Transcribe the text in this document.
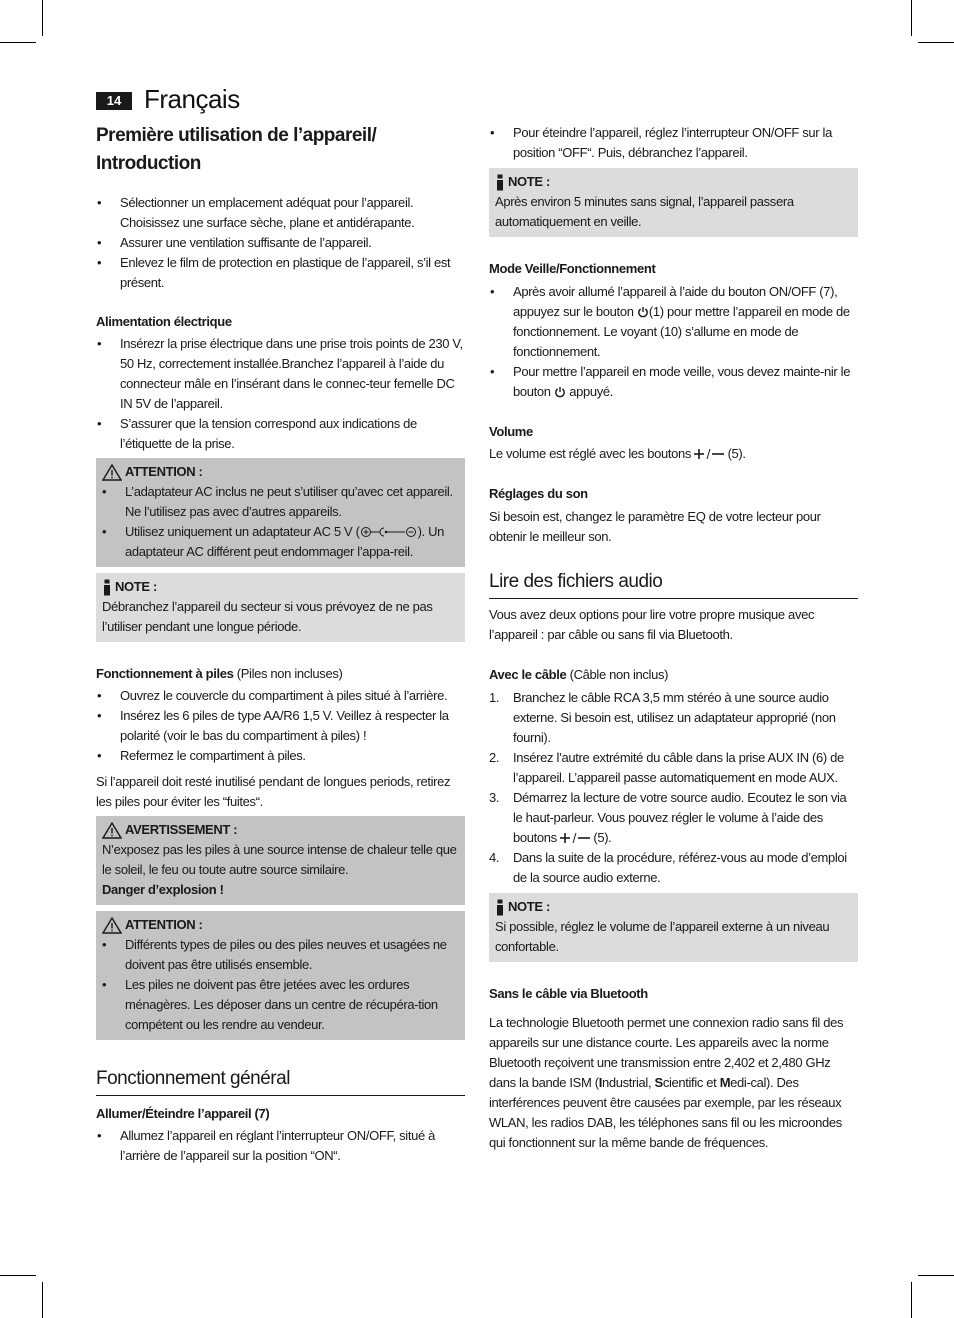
14 Français
Première utilisation de l’appareil/ Introduction
• Sélectionner un emplacement adéquat pour l’appareil. Choisissez une surface sèche, plane et antidérapante.
• Assurer une ventilation suffisante de l’appareil.
• Enlevez le film de protection en plastique de l’appareil, s’il est présent.
Alimentation électrique
• Insérezr la prise électrique dans une prise trois points de 230 V, 50 Hz, correctement installée.Branchez l’appareil à l’aide du connecteur mâle en l’insérant dans le connec-teur femelle DC IN 5V de l’appareil.
• S’assurer que la tension correspond aux indications de l’étiquette de la prise.
ATTENTION :
• L’adaptateur AC inclus ne peut s’utiliser qu’avec cet appareil. Ne l’utilisez pas avec d’autres appareils.
• Utilisez uniquement un adaptateur AC 5 V (	). Un adaptateur AC différent peut endommager l’appa-reil.
NOTE :

Débranchez l’appareil du secteur si vous prévoyez de ne pas l’utiliser pendant une longue période.

Fonctionnement à piles (Piles non incluses)
• Ouvrez le couvercle du compartiment à piles situé à l’arrière.
• Insérez les 6 piles de type AA/R6 1,5 V. Veillez à respecter la polarité (voir le bas du compartiment à piles) !
• Refermez le compartiment à piles.

Si l’appareil doit resté inutilisé pendant de longues periods, retirez les piles pour éviter les “fuites“.

AVERTISSEMENT :

N’exposez pas les piles à une source intense de chaleur telle que le soleil, le feu ou toute autre source similaire.

Danger d’explosion !

ATTENTION :
• Différents types de piles ou des piles neuves et usagées ne doivent pas être utilisés ensemble.
• Les piles ne doivent pas être jetées avec les ordures ménagères. Les déposer dans un centre de récupéra-tion compétent ou les rendre au vendeur.
Fonctionnement général
Allumer/Éteindre l’appareil (7)
• Allumez l’appareil en réglant l’interrupteur ON/OFF, situé à l’arrière de l’appareil sur la position “ON“.
• Pour éteindre l’appareil, réglez l’interrupteur ON/OFF sur la position “OFF“. Puis, débranchez l’appareil.
NOTE :

Après environ 5 minutes sans signal, l’appareil passera automatiquement en veille.

Mode Veille/Fonctionnement
• Après avoir allumé l’appareil à l’aide du bouton ON/OFF (7), appuyez sur le bouton (1) pour mettre l’appareil en mode de fonctionnement. Le voyant (10) s’allume en mode de fonctionnement.
• Pour mettre l’appareil en mode veille, vous devez mainte-nir le bouton appuyé.
Volume

Le volume est réglé avec les boutons	(5).

Réglages du son

Si besoin est, changez le paramètre EQ de votre lecteur pour obtenir le meilleur son.

Lire des fichiers audio

Vous avez deux options pour lire votre propre musique avec l’appareil : par câble ou sans fil via Bluetooth.

Avec le câble (Câble non inclus)
1. Branchez le câble RCA 3,5 mm stéréo à une source audio externe. Si besoin est, utilisez un adaptateur approprié (non fourni).
2. Insérez l’autre extrémité du câble dans la prise AUX IN (6) de l’appareil. L’appareil passe automatiquement en mode AUX.
3. Démarrez la lecture de votre source audio. Ecoutez le son via le haut-parleur. Vous pouvez régler le volume à l’aide des boutons	(5).
4. Dans la suite de la procédure, référez-vous au mode d’emploi de la source audio externe.
NOTE :

Si possible, réglez le volume de l’appareil externe à un niveau confortable.

Sans le câble via Bluetooth

La technologie Bluetooth permet une connexion radio sans fil des appareils sur une distance courte. Les appareils avec la norme Bluetooth reçoivent une transmission entre 2,402 et 2,480 GHz dans la bande ISM (Industrial, Scientific et Medi-cal). Des interférences peuvent être causées par exemple, par les réseaux WLAN, les radios DAB, les téléphones sans fil ou les microondes qui fonctionnent sur la même bande de fréquences.
